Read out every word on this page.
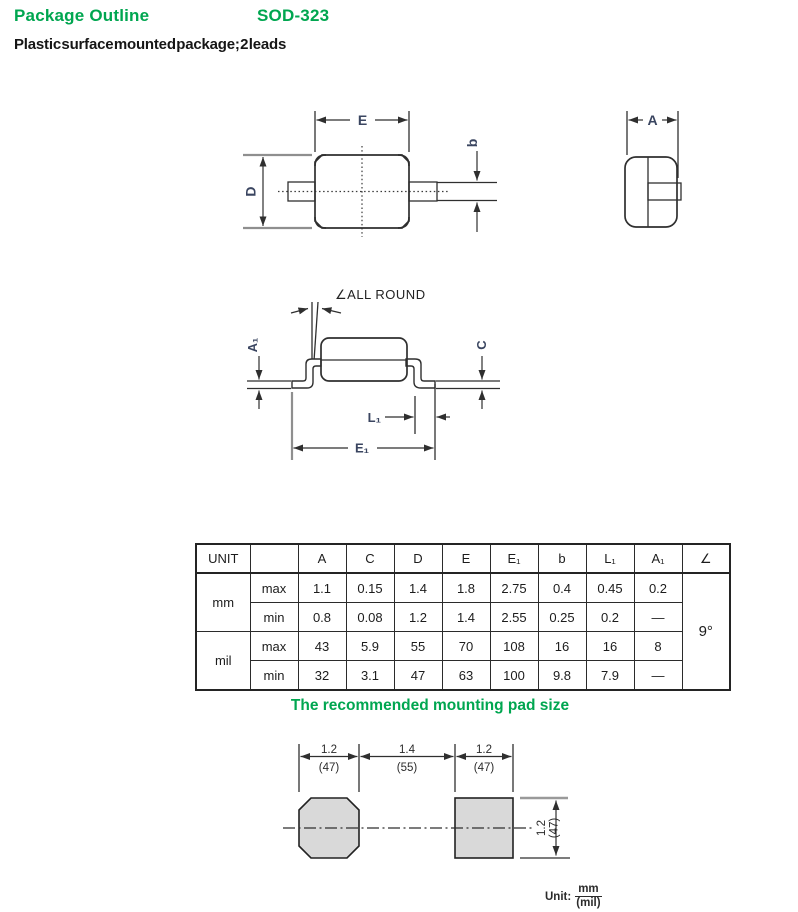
Package Outline	SOD-323
Plastic surface mounted package; 2 leads
E
D
b
A
∠ALL ROUND
A₁	C
L₁
E₁
UNIT		A	C	D	E	E₁	b	L₁	A₁	∠
mm	max	1.1	0.15	1.4	1.8	2.75	0.4	0.45	0.2	9°
	min	0.8	0.08	1.2	1.4	2.55	0.25	0.2	—	
mil	max	43	5.9	55	70	108	16	16	8	
	min	32	3.1	47	63	100	9.8	7.9	—	
The recommended mounting pad size
1.2	1.4	1.2
(47)	(55)	(47)
1.2 (47)
Unit: $\frac{mm}{\text{(mil)}}$
